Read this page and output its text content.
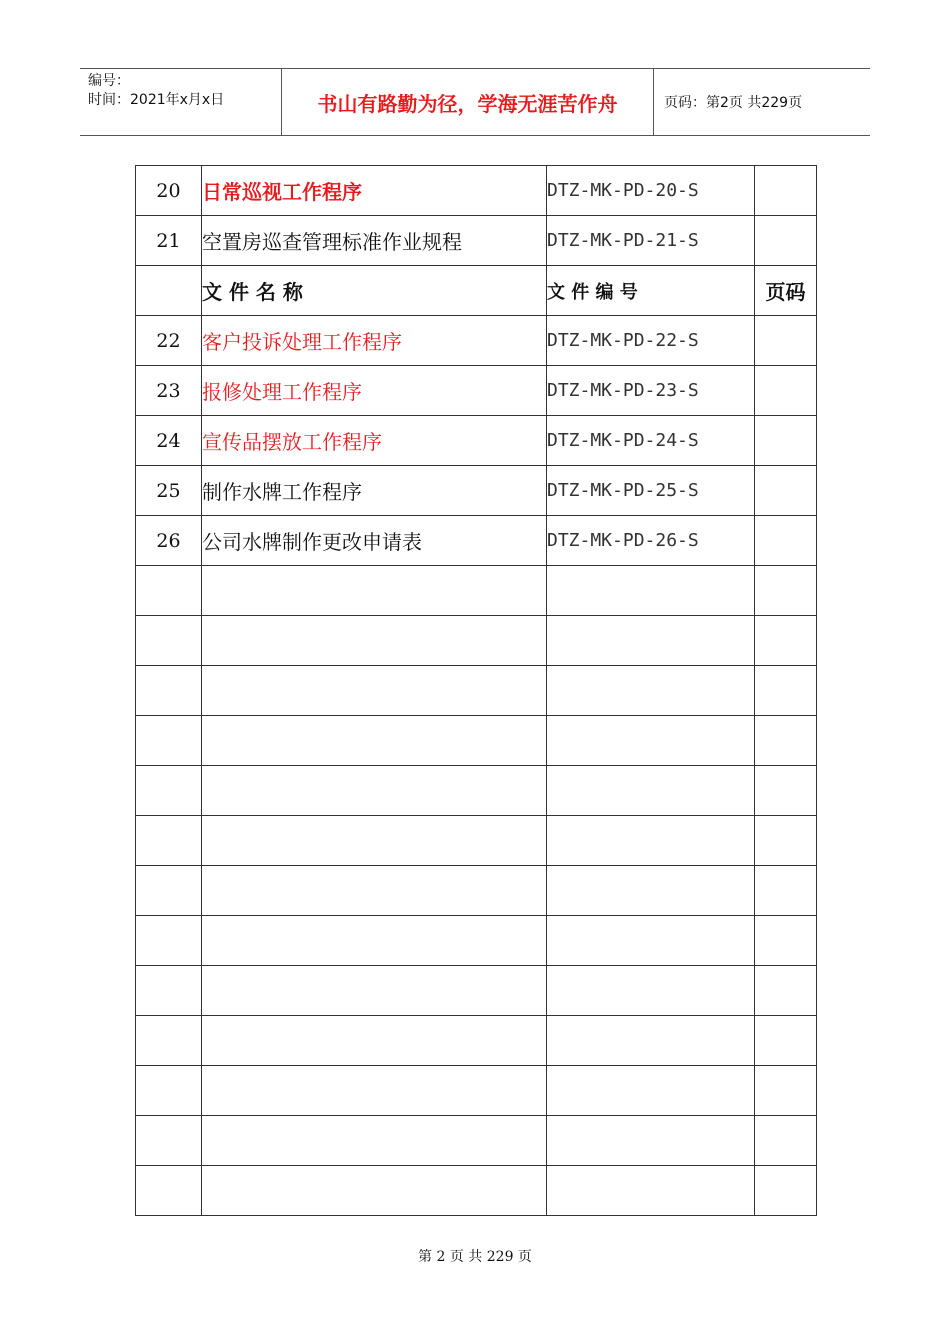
编号：
时间：2021年x月x日	书山有路勤为径，学海无涯苦作舟	页码：第2页 共229页
20	日常巡视工作程序	DTZ-MK-PD-20-S	
21	空置房巡查管理标准作业规程	DTZ-MK-PD-21-S	
	文 件 名 称	文 件 编 号	页码
22	客户投诉处理工作程序	DTZ-MK-PD-22-S	
23	报修处理工作程序	DTZ-MK-PD-23-S	
24	宣传品摆放工作程序	DTZ-MK-PD-24-S	
25	制作水牌工作程序	DTZ-MK-PD-25-S	
26	公司水牌制作更改申请表	DTZ-MK-PD-26-S	

第 2 页 共 229 页
